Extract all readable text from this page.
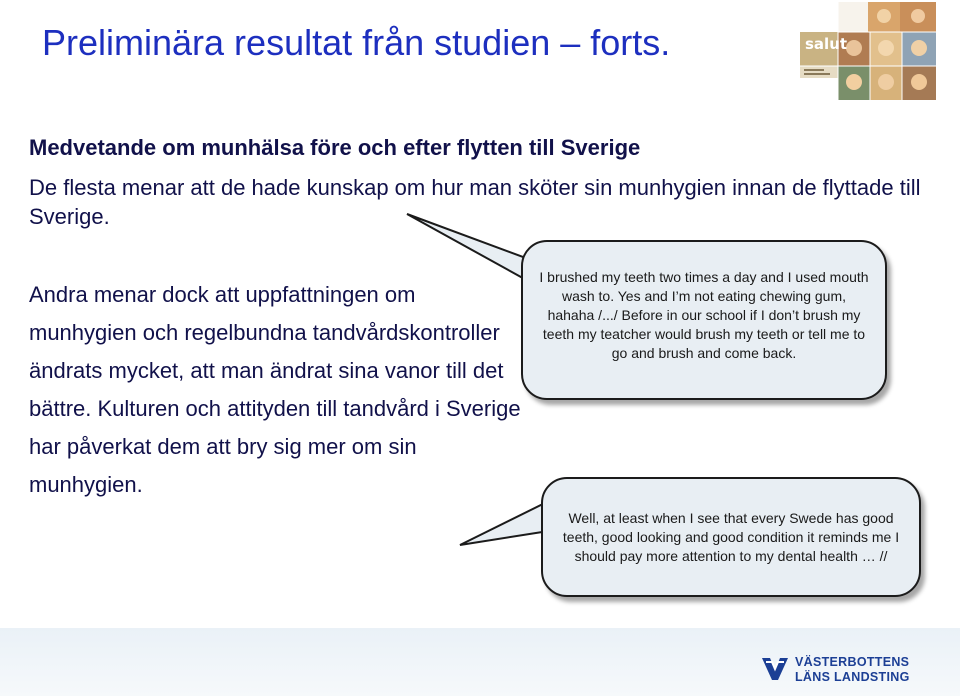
Preliminära resultat från studien – forts.	salut
Medvetande om munhälsa före och efter flytten till Sverige
De flesta menar att de hade kunskap om hur man sköter sin munhygien innan de flyttade till Sverige.
Andra menar dock att uppfattningen om munhygien och regelbundna tandvårdskontroller ändrats mycket, att man ändrat sina vanor till det bättre. Kulturen och attityden till tandvård i Sverige har påverkat dem att bry sig mer om sin munhygien.
I brushed my teeth two times a day and I used mouth wash to. Yes and I’m not eating chewing gum, hahaha /.../ Before in our school if I don’t brush my teeth my teatcher would brush my teeth or tell me to go and brush and come back.
Well, at least when I see that every Swede has good teeth, good looking and good condition it reminds me I should pay more attention to my dental health … //
VÄSTERBOTTENS
LÄNS LANDSTING
